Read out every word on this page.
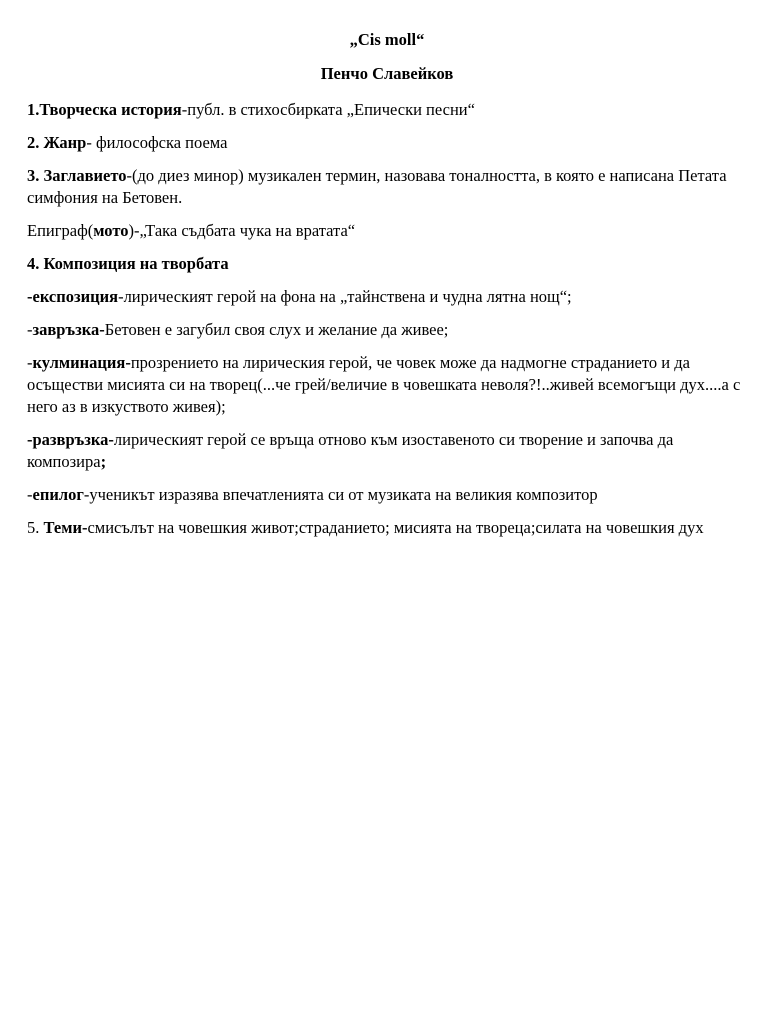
„Cis moll“
Пенчо Славейков
1.Творческа история-публ. в стихосбирката „Епически песни“
2. Жанр- философска поема
3. Заглавието-(до диез минор) музикален термин, назовава тоналността, в която е написана Петата симфония на Бетовен.
Епиграф(мото)-„Така съдбата чука на вратата“
4. Композиция на творбата
-експозиция-лирическият герой на фона на „тайнствена и чудна лятна нощ“;
-завръзка-Бетовен е загубил своя слух и желание да живее;
-кулминация-прозрението на лирическия герой, че човек може да надмогне страданието и да осъществи мисията си на творец(...че грей/величие в човешката неволя?!..живей всемогъщи дух....а с него аз в изкуството живея);
-развръзка-лирическият герой се връща отново към изоставеното си творение и започва да композира;
-епилог-ученикът изразява впечатленията си от музиката на великия композитор
5. Теми-смисълът на човешкия живот;страданието; мисията на твореца;силата на човешкия дух
